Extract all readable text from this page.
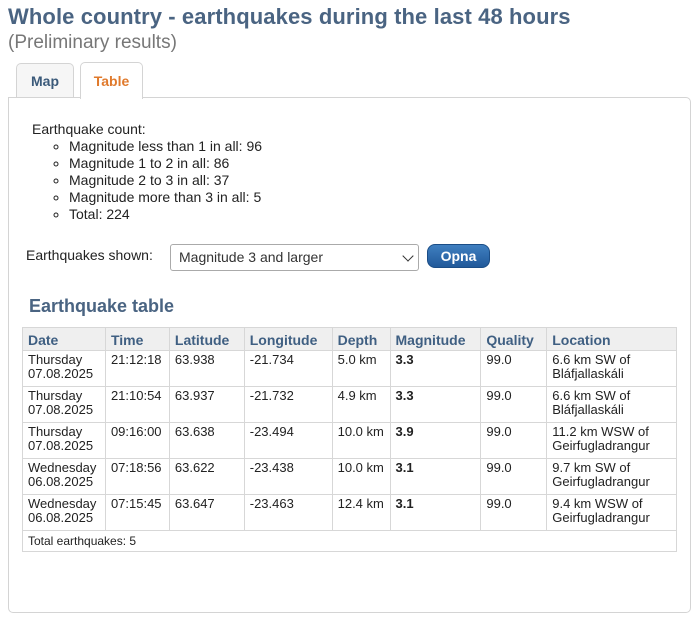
Whole country - earthquakes during the last 48 hours
(Preliminary results)
Map	Table
Earthquake count:
◦ Magnitude less than 1 in all: 96
◦ Magnitude 1 to 2 in all: 86
◦ Magnitude 2 to 3 in all: 37
◦ Magnitude more than 3 in all: 5
◦ Total: 224
Earthquakes shown:	Magnitude 3 and larger	Opna
Earthquake table
Date	Time	Latitude	Longitude	Depth	Magnitude	Quality	Location

Thursday
07.08.2025	21:12:18	63.938	-21.734	5.0 km	3.3	99.0	6.6 km SW of Bláfjallaskáli

Thursday
07.08.2025	21:10:54	63.937	-21.732	4.9 km	3.3	99.0	6.6 km SW of Bláfjallaskáli

Thursday
07.08.2025	09:16:00	63.638	-23.494	10.0 km	3.9	99.0	11.2 km WSW of Geirfugladrangur

Wednesday
06.08.2025	07:18:56	63.622	-23.438	10.0 km	3.1	99.0	9.7 km SW of Geirfugladrangur

Wednesday
06.08.2025	07:15:45	63.647	-23.463	12.4 km	3.1	99.0	9.4 km WSW of Geirfugladrangur
Total earthquakes: 5							
